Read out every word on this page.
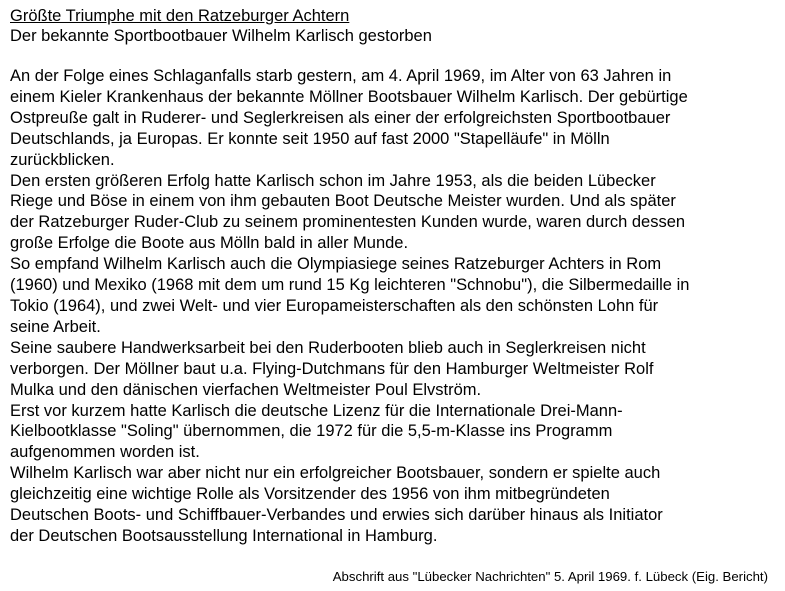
Größte Triumphe mit den Ratzeburger Achtern
Der bekannte Sportbootbauer Wilhelm Karlisch gestorben

An der Folge eines Schlaganfalls starb gestern, am 4. April 1969, im Alter von 63 Jahren in
einem Kieler Krankenhaus der bekannte Möllner Bootsbauer Wilhelm Karlisch. Der gebürtige
Ostpreuße galt in Ruderer- und Seglerkreisen als einer der erfolgreichsten Sportbootbauer
Deutschlands, ja Europas. Er konnte seit 1950 auf fast 2000 "Stapelläufe" in Mölln
zurückblicken.

Den ersten größeren Erfolg hatte Karlisch schon im Jahre 1953, als die beiden Lübecker
Riege und Böse in einem von ihm gebauten Boot Deutsche Meister wurden. Und als später
der Ratzeburger Ruder-Club zu seinem prominentesten Kunden wurde, waren durch dessen
große Erfolge die Boote aus Mölln bald in aller Munde.

So empfand Wilhelm Karlisch auch die Olympiasiege seines Ratzeburger Achters in Rom
(1960) und Mexiko (1968 mit dem um rund 15 Kg leichteren "Schnobu"), die Silbermedaille in
Tokio (1964), und zwei Welt- und vier Europameisterschaften als den schönsten Lohn für
seine Arbeit.

Seine saubere Handwerksarbeit bei den Ruderbooten blieb auch in Seglerkreisen nicht
verborgen. Der Möllner baut u.a. Flying-Dutchmans für den Hamburger Weltmeister Rolf
Mulka und den dänischen vierfachen Weltmeister Poul Elvström.

Erst vor kurzem hatte Karlisch die deutsche Lizenz für die Internationale Drei-Mann-
Kielbootklasse "Soling" übernommen, die 1972 für die 5,5-m-Klasse ins Programm
aufgenommen worden ist.

Wilhelm Karlisch war aber nicht nur ein erfolgreicher Bootsbauer, sondern er spielte auch
gleichzeitig eine wichtige Rolle als Vorsitzender des 1956 von ihm mitbegründeten
Deutschen Boots- und Schiffbauer-Verbandes und erwies sich darüber hinaus als Initiator
der Deutschen Bootsausstellung International in Hamburg.

Abschrift aus "Lübecker Nachrichten" 5. April 1969. f. Lübeck (Eig. Bericht)
